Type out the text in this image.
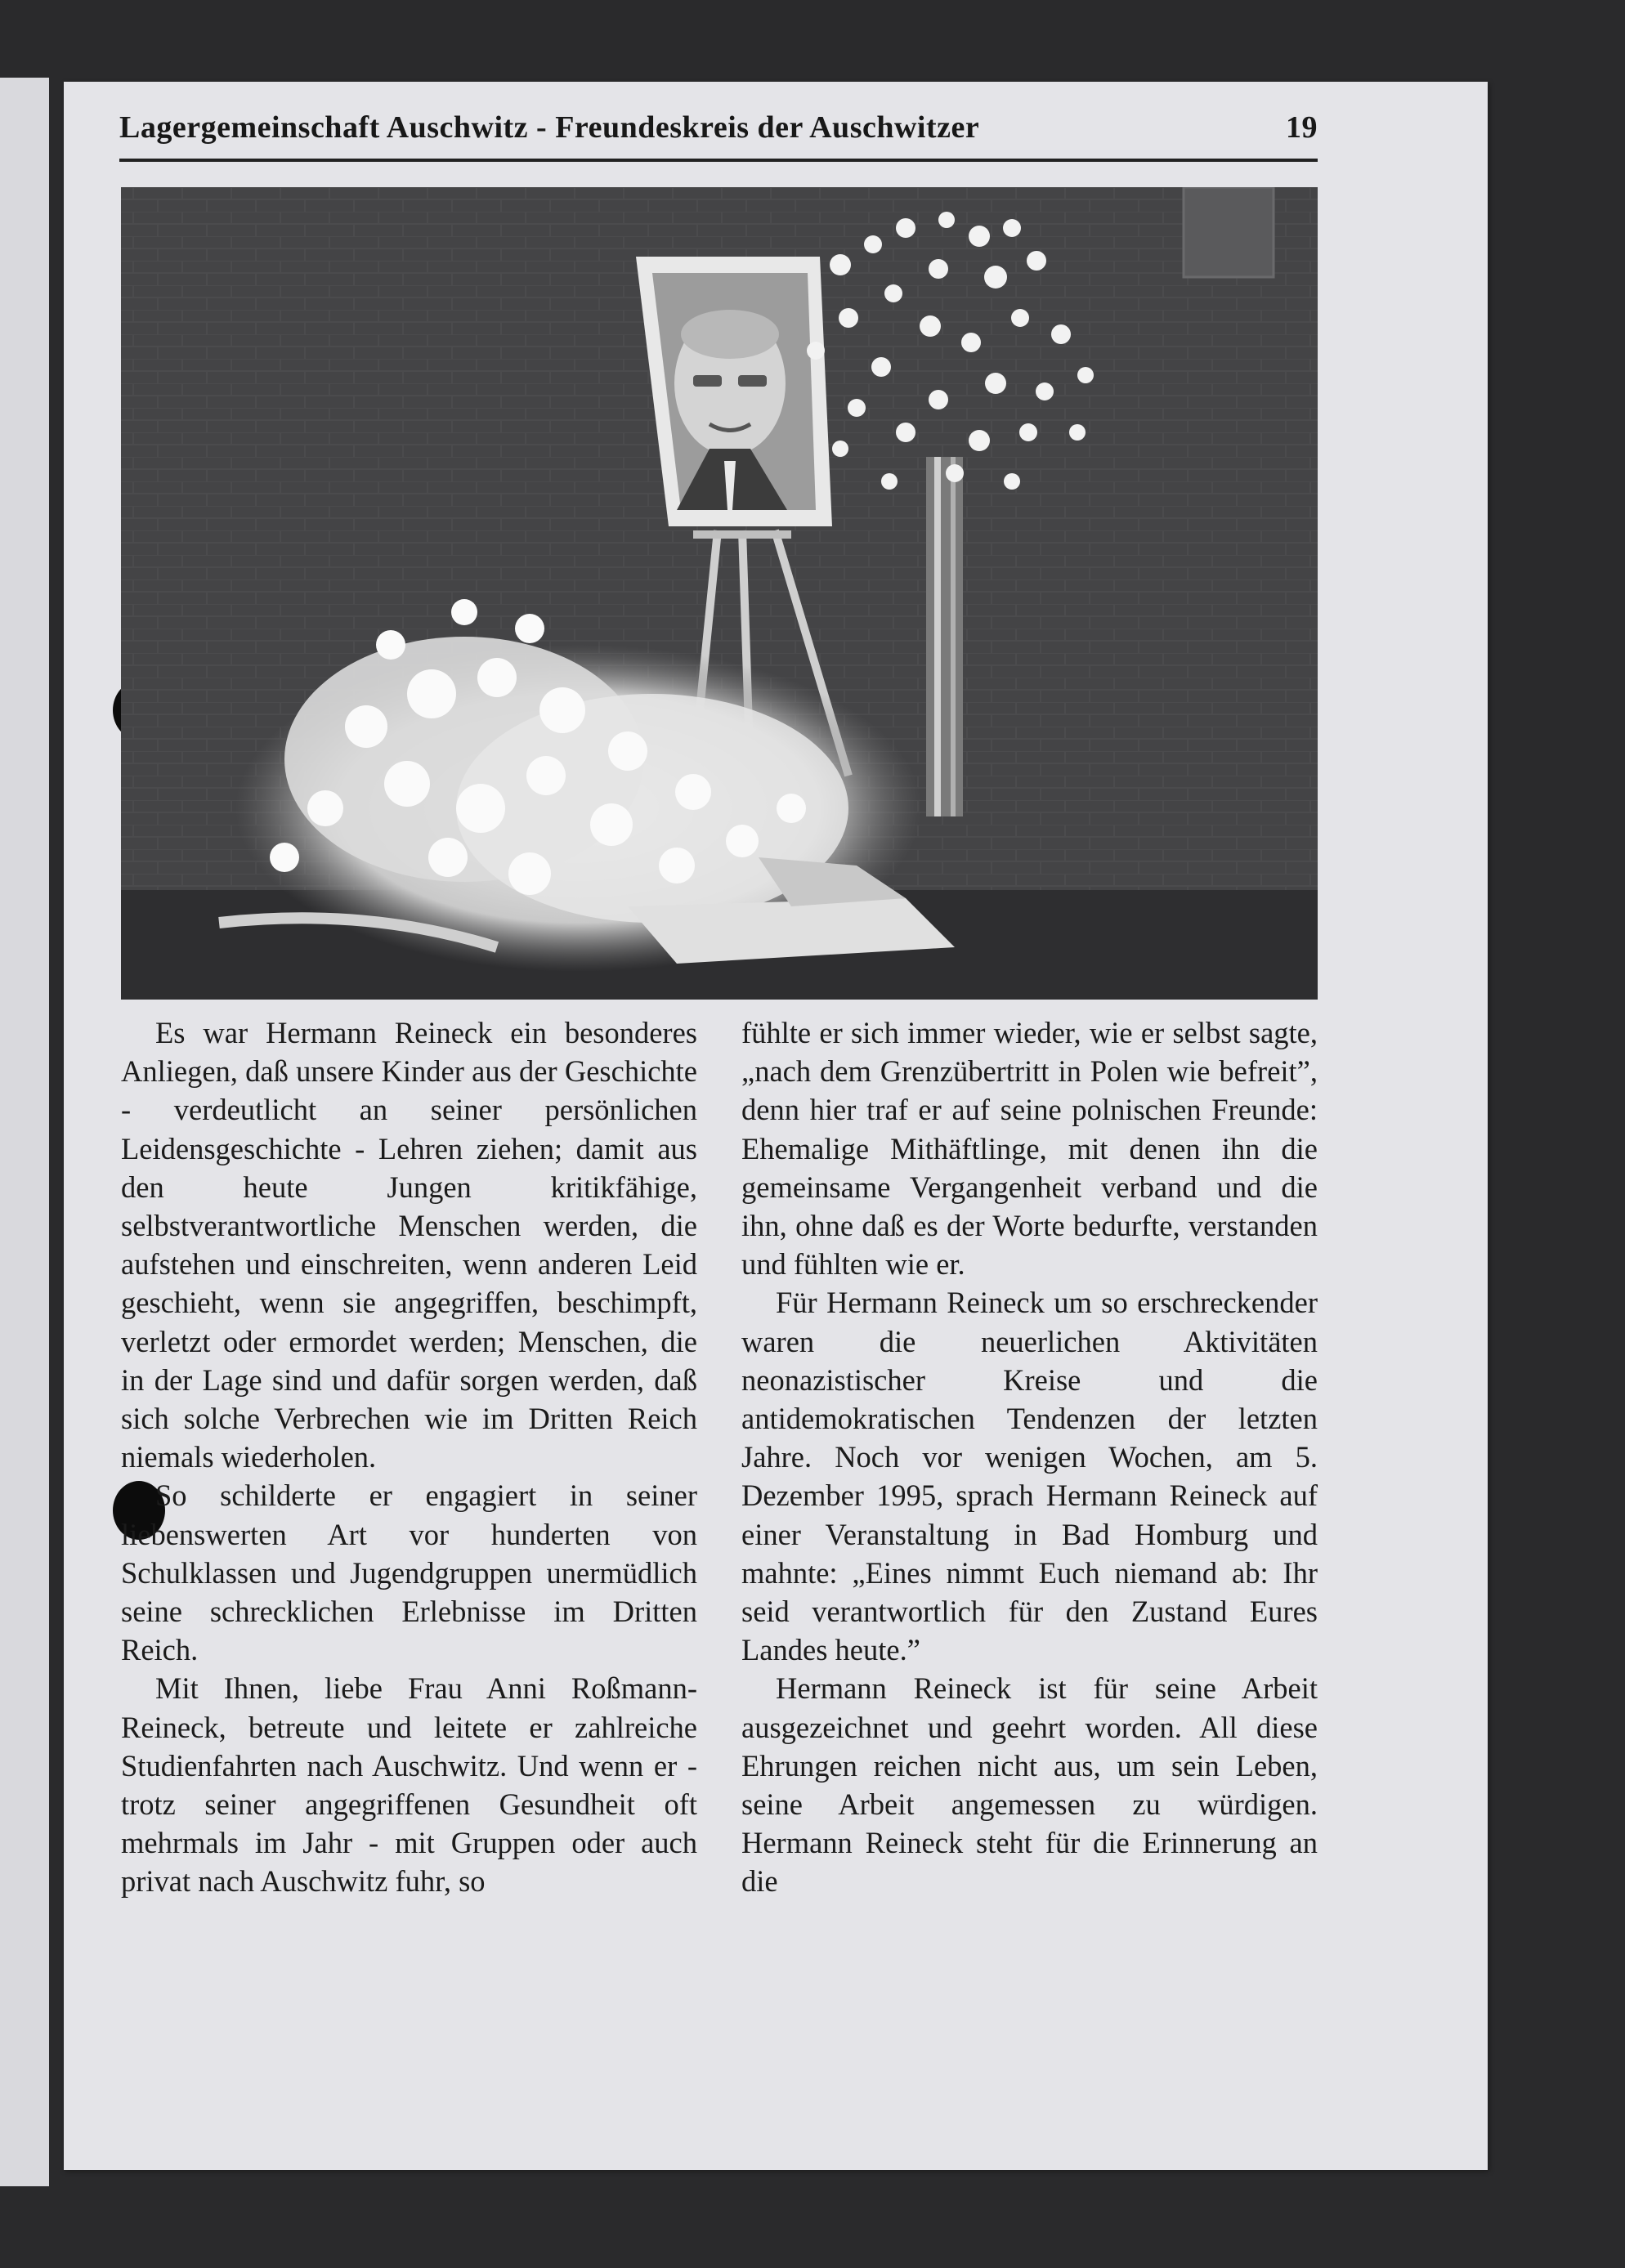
Lagergemeinschaft Auschwitz - Freundeskreis der Auschwitzer	19

Es war Hermann Reineck ein besonderes Anliegen, daß unsere Kinder aus der Geschichte - verdeutlicht an seiner persönlichen Leidensgeschichte - Lehren ziehen; damit aus den heute Jungen kritikfähige, selbstverantwortliche Menschen werden, die aufstehen und einschreiten, wenn anderen Leid geschieht, wenn sie angegriffen, beschimpft, verletzt oder ermordet werden; Menschen, die in der Lage sind und dafür sorgen werden, daß sich solche Verbrechen wie im Dritten Reich niemals wiederholen.

So schilderte er engagiert in seiner liebenswerten Art vor hunderten von Schulklassen und Jugendgruppen unermüdlich seine schrecklichen Erlebnisse im Dritten Reich.

Mit Ihnen, liebe Frau Anni Roßmann-Reineck, betreute und leitete er zahlreiche Studienfahrten nach Auschwitz. Und wenn er - trotz seiner angegriffenen Gesundheit oft mehrmals im Jahr - mit Gruppen oder auch privat nach Auschwitz fuhr, so

fühlte er sich immer wieder, wie er selbst sagte, „nach dem Grenzübertritt in Polen wie befreit”, denn hier traf er auf seine polnischen Freunde: Ehemalige Mithäftlinge, mit denen ihn die gemeinsame Vergangenheit verband und die ihn, ohne daß es der Worte bedurfte, verstanden und fühlten wie er.

Für Hermann Reineck um so erschreckender waren die neuerlichen Aktivitäten neonazistischer Kreise und die antidemokratischen Tendenzen der letzten Jahre. Noch vor wenigen Wochen, am 5. Dezember 1995, sprach Hermann Reineck auf einer Veranstaltung in Bad Homburg und mahnte: „Eines nimmt Euch niemand ab: Ihr seid verantwortlich für den Zustand Eures Landes heute.”

Hermann Reineck ist für seine Arbeit ausgezeichnet und geehrt worden. All diese Ehrungen reichen nicht aus, um sein Leben, seine Arbeit angemessen zu würdigen. Hermann Reineck steht für die Erinnerung an die
